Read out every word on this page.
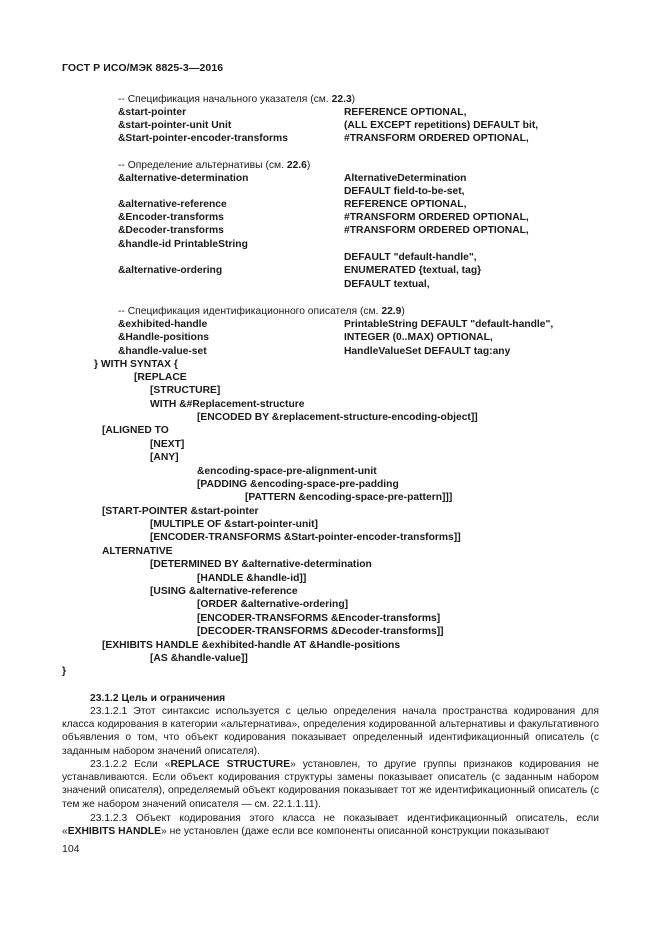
ГОСТ Р ИСО/МЭК 8825-3—2016
-- Спецификация начального указателя (см. 22.3)
&start-pointer	REFERENCE OPTIONAL,
&start-pointer-unit Unit	(ALL EXCEPT repetitions) DEFAULT bit,
&Start-pointer-encoder-transforms	#TRANSFORM ORDERED OPTIONAL,
-- Определение альтернативы (см. 22.6)
&alternative-determination	AlternativeDetermination
DEFAULT field-to-be-set,
&alternative-reference	REFERENCE OPTIONAL,
&Encoder-transforms	#TRANSFORM ORDERED OPTIONAL,
&Decoder-transforms	#TRANSFORM ORDERED OPTIONAL,
&handle-id PrintableString
DEFAULT "default-handle",
&alternative-ordering	ENUMERATED {textual, tag}
DEFAULT textual,
-- Спецификация идентификационного описателя (см. 22.9)
&exhibited-handle	PrintableString DEFAULT "default-handle",
&Handle-positions	INTEGER (0..MAX) OPTIONAL,
&handle-value-set	HandleValueSet DEFAULT tag:any
} WITH SYNTAX {
[REPLACE
[STRUCTURE]
WITH &#Replacement-structure
[ENCODED BY &replacement-structure-encoding-object]]
[ALIGNED TO
[NEXT]
[ANY]
&encoding-space-pre-alignment-unit
[PADDING &encoding-space-pre-padding
[PATTERN &encoding-space-pre-pattern]]]
[START-POINTER &start-pointer
[MULTIPLE OF &start-pointer-unit]
[ENCODER-TRANSFORMS &Start-pointer-encoder-transforms]]
ALTERNATIVE
[DETERMINED BY &alternative-determination
[HANDLE &handle-id]]
[USING &alternative-reference
[ORDER &alternative-ordering]
[ENCODER-TRANSFORMS &Encoder-transforms]
[DECODER-TRANSFORMS &Decoder-transforms]]
[EXHIBITS HANDLE &exhibited-handle AT &Handle-positions
[AS &handle-value]]
}
23.1.2 Цель и ограничения
23.1.2.1 Этот синтаксис используется с целью определения начала пространства кодирования для класса кодирования в категории «альтернатива», определения кодированной альтернативы и факультативного объявления о том, что объект кодирования показывает определенный идентификационный описатель (с заданным набором значений описателя).
23.1.2.2 Если «REPLACE STRUCTURE» установлен, то другие группы признаков кодирования не устанавливаются. Если объект кодирования структуры замены показывает описатель (с заданным набором значений описателя), определяемый объект кодирования показывает тот же идентификационный описатель (с тем же набором значений описателя — см. 22.1.1.11).
23.1.2.3 Объект кодирования этого класса не показывает идентификационный описатель, если «EXHIBITS HANDLE» не установлен (даже если все компоненты описанной конструкции показывают
104
